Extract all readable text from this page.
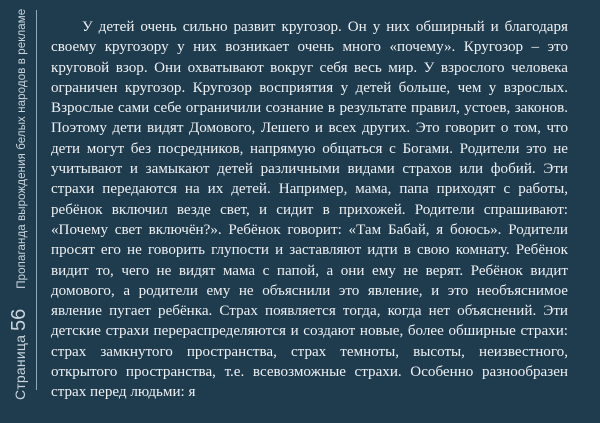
Страница
56
Пропаганда вырождения белых народов в рекламе	У детей очень сильно развит кругозор. Он у них обширный и благодаря своему кругозору у них возникает очень много «почему». Кругозор – это круговой взор. Они охватывают вокруг себя весь мир. У взрослого человека ограничен кругозор. Кругозор восприятия у детей больше, чем у взрослых. Взрослые сами себе ограничили сознание в результате правил, устоев, законов. Поэтому дети видят Домового, Лешего и всех других. Это говорит о том, что дети могут без посредников, напрямую общаться с Богами. Родители это не учитывают и замыкают детей различными видами страхов или фобий. Эти страхи передаются на их детей. Например, мама, папа приходят с работы, ребёнок включил везде свет, и сидит в прихожей. Родители спрашивают: «Почему свет включён?». Ребёнок говорит: «Там Бабай, я боюсь». Родители просят его не говорить глупости и заставляют идти в свою комнату. Ребёнок видит то, чего не видят мама с папой, а они ему не верят. Ребёнок видит домового, а родители ему не объяснили это явление, и это необъяснимое явление пугает ребёнка. Страх появляется тогда, когда нет объяснений. Эти детские страхи перераспределяются и создают новые, более обширные страхи: страх замкнутого пространства, страх темноты, высоты, неизвестного, открытого пространства, т.е. всевозможные страхи. Особенно разнообразен страх перед людьми: я
